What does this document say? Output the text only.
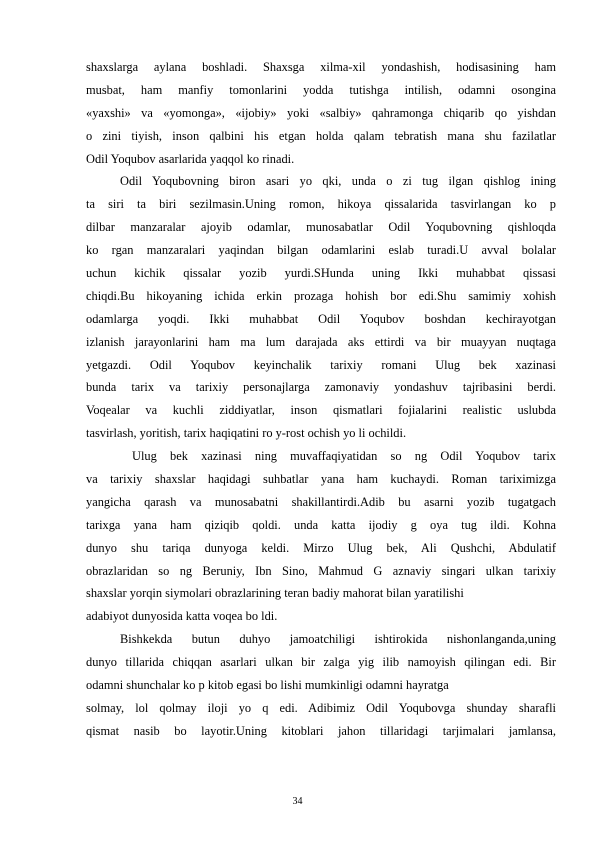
shaxslarga aylana boshladi. Shaxsga xilma-xil yondashish, hodisasining ham
musbat, ham manfiy tomonlarini yodda tutishga intilish, odamni osongina
«yaxshi» va «yomonga», «ijobiy» yoki «salbiy» qahramonga chiqarib qo yishdan
o zini tiyish, inson qalbini his etgan holda qalam tebratish mana shu fazilatlar
Odil Yoqubov asarlarida yaqqol ko rinadi.
Odil Yoqubovning biron asari yo qki, unda o zi tug ilgan qishlog ining
ta siri ta biri sezilmasin.Uning romon, hikoya qissalarida tasvirlangan ko p
dilbar manzaralar ajoyib odamlar, munosabatlar Odil Yoqubovning qishloqda
ko rgan manzaralari yaqindan bilgan odamlarini eslab turadi.U avval bolalar
uchun kichik qissalar yozib yurdi.SHunda uning Ikki muhabbat qissasi
chiqdi.Bu hikoyaning ichida erkin prozaga hohish bor edi.Shu samimiy xohish
odamlarga yoqdi. Ikki muhabbat Odil Yoqubov boshdan kechirayotgan
izlanish jarayonlarini ham ma lum darajada aks ettirdi va bir muayyan nuqtaga
yetgazdi. Odil Yoqubov keyinchalik tarixiy romani Ulug bek xazinasi
bunda tarix va tarixiy personajlarga zamonaviy yondashuv tajribasini berdi.
Voqealar va kuchli ziddiyatlar, inson qismatlari fojialarini realistic uslubda
tasvirlash, yoritish, tarix haqiqatini ro y-rost ochish yo li ochildi.
Ulug bek xazinasi ning muvaffaqiyatidan so ng Odil Yoqubov tarix
va tarixiy shaxslar haqidagi suhbatlar yana ham kuchaydi. Roman tariximizga
yangicha qarash va munosabatni shakillantirdi.Adib bu asarni yozib tugatgach
tarixga yana ham qiziqib qoldi. unda katta ijodiy g oya tug ildi. Kohna
dunyo shu tariqa dunyoga keldi. Mirzo Ulug bek, Ali Qushchi, Abdulatif
obrazlaridan so ng Beruniy, Ibn Sino, Mahmud G aznaviy singari ulkan tarixiy
shaxslar yorqin siymolari obrazlarining teran badiy mahorat bilan yaratilishi
adabiyot dunyosida katta voqea bo ldi.
Bishkekda butun duhyo jamoatchiligi ishtirokida nishonlanganda,uning
dunyo tillarida chiqqan asarlari ulkan bir zalga yig ilib namoyish qilingan edi. Bir
odamni shunchalar ko p kitob egasi bo lishi mumkinligi odamni hayratga
solmay, lol qolmay iloji yo q edi. Adibimiz Odil Yoqubovga shunday sharafli
qismat nasib bo layotir.Uning kitoblari jahon tillaridagi tarjimalari jamlansa,
34
